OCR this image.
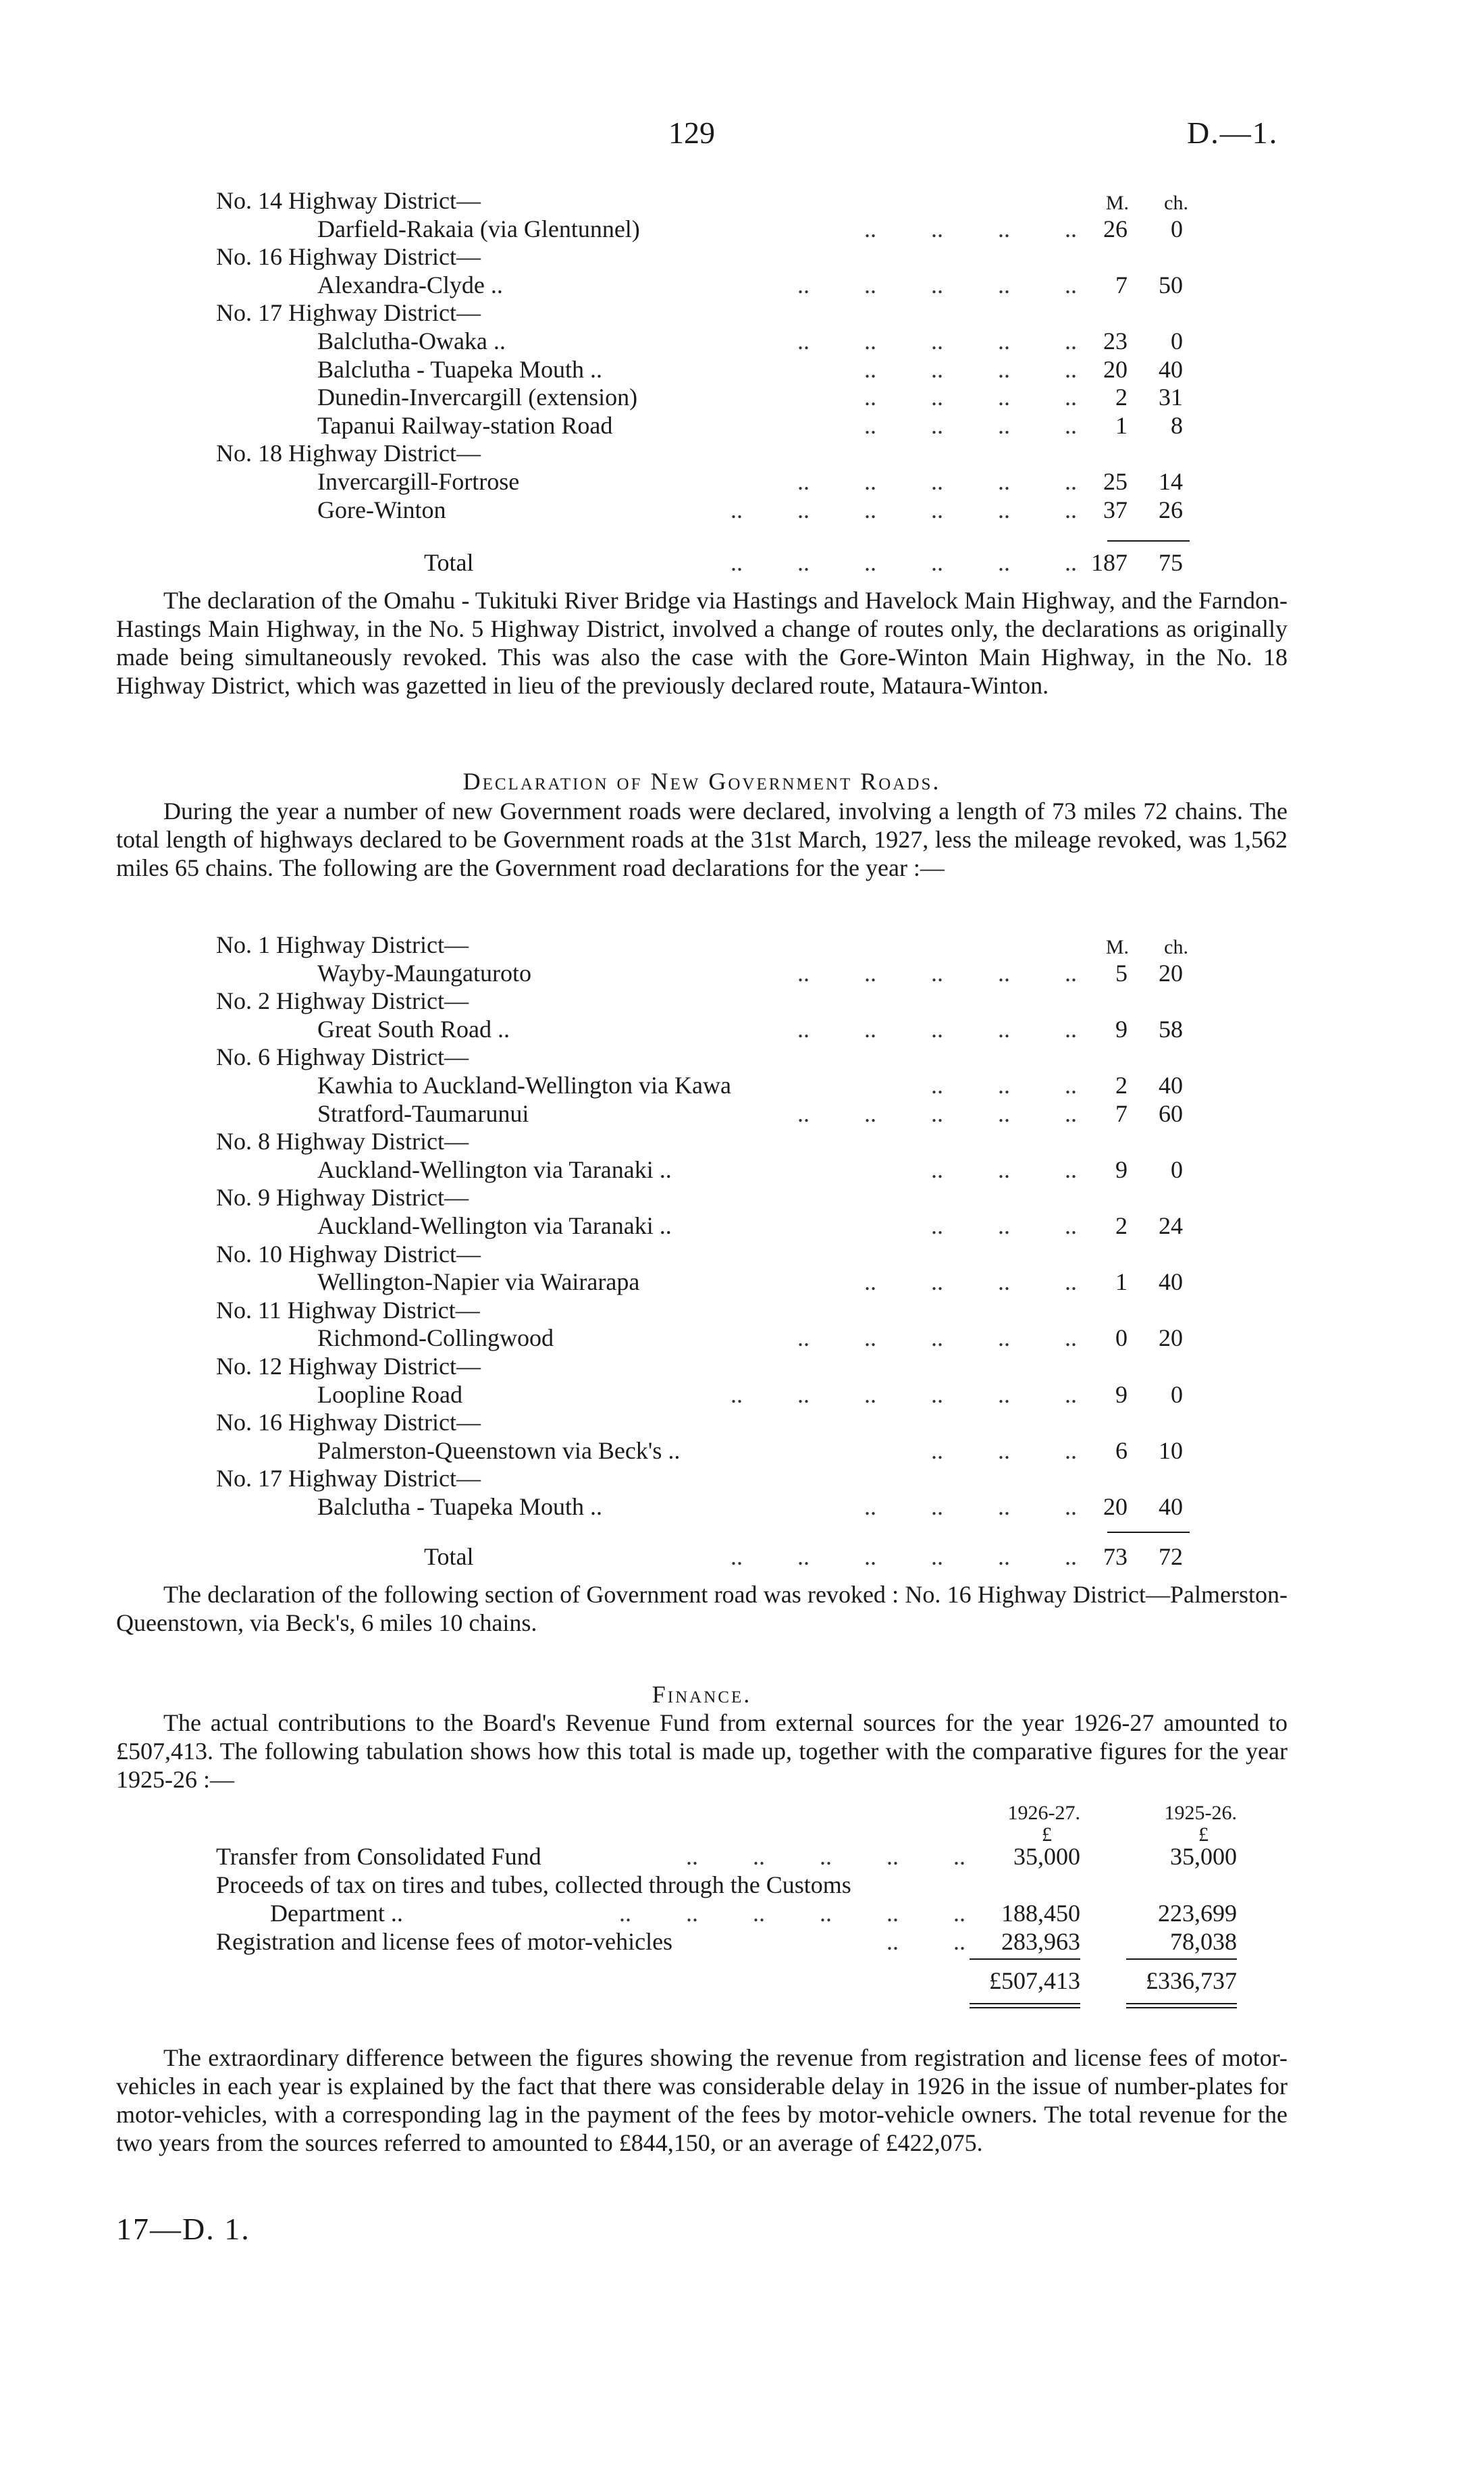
129	D.—1.
M. ch.
No. 14 Highway District—
Darfield-Rakaia (via Glentunnel)	..         ..         ..         .. 26 0
No. 16 Highway District—
Alexandra-Clyde ..	..         ..         ..         ..         .. 7 50
No. 17 Highway District—
Balclutha-Owaka ..	..         ..         ..         ..         .. 23 0
Balclutha - Tuapeka Mouth ..	..         ..         ..         .. 20 40
Dunedin-Invercargill (extension)	..         ..         ..         .. 2 31
Tapanui Railway-station Road	..         ..         ..         .. 1 8
No. 18 Highway District—
Invercargill-Fortrose	..         ..         ..         ..         .. 25 14
Gore-Winton	..         ..         ..         ..         ..         .. 37 26
Total	..         ..         ..         ..         ..         .. 187 75

The declaration of the Omahu - Tukituki River Bridge via Hastings and Havelock Main Highway, and the Farndon-Hastings Main Highway, in the No. 5 Highway District, involved a change of routes only, the declarations as originally made being simultaneously revoked. This was also the case with the Gore-Winton Main Highway, in the No. 18 Highway District, which was gazetted in lieu of the previously declared route, Mataura-Winton.

Declaration of New Government Roads.

During the year a number of new Government roads were declared, involving a length of 73 miles 72 chains. The total length of highways declared to be Government roads at the 31st March, 1927, less the mileage revoked, was 1,562 miles 65 chains. The following are the Government road declarations for the year :—

M. ch.
No. 1 Highway District—
Wayby-Maungaturoto	..         ..         ..         ..         .. 5 20
No. 2 Highway District—
Great South Road ..	..         ..         ..         ..         .. 9 58
No. 6 Highway District—
Kawhia to Auckland-Wellington via Kawa	..         ..         .. 2 40
Stratford-Taumarunui	..         ..         ..         ..         .. 7 60
No. 8 Highway District—
Auckland-Wellington via Taranaki ..	..         ..         .. 9 0
No. 9 Highway District—
Auckland-Wellington via Taranaki ..	..         ..         .. 2 24
No. 10 Highway District—
Wellington-Napier via Wairarapa	..         ..         ..         .. 1 40
No. 11 Highway District—
Richmond-Collingwood	..         ..         ..         ..         .. 0 20
No. 12 Highway District—
Loopline Road	..         ..         ..         ..         ..         .. 9 0
No. 16 Highway District—
Palmerston-Queenstown via Beck's ..	..         ..         .. 6 10
No. 17 Highway District—
Balclutha - Tuapeka Mouth ..	..         ..         ..         .. 20 40
Total	..         ..         ..         ..         ..         .. 73 72

The declaration of the following section of Government road was revoked : No. 16 Highway District—Palmerston-Queenstown, via Beck's, 6 miles 10 chains.

Finance.

The actual contributions to the Board's Revenue Fund from external sources for the year 1926-27 amounted to £507,413. The following tabulation shows how this total is made up, together with the comparative figures for the year 1925-26 :—

1926-27.	1925-26.
£	£
Transfer from Consolidated Fund	..         ..         ..         ..         .. 35,000	35,000
Proceeds of tax on tires and tubes, collected through the Customs
Department ..	..         ..         ..         ..         ..         .. 188,450	223,699
Registration and license fees of motor-vehicles	..         .. 283,963	78,038
£507,413	£336,737

The extraordinary difference between the figures showing the revenue from registration and license fees of motor-vehicles in each year is explained by the fact that there was considerable delay in 1926 in the issue of number-plates for motor-vehicles, with a corresponding lag in the payment of the fees by motor-vehicle owners. The total revenue for the two years from the sources referred to amounted to £844,150, or an average of £422,075.

17—D. 1.
